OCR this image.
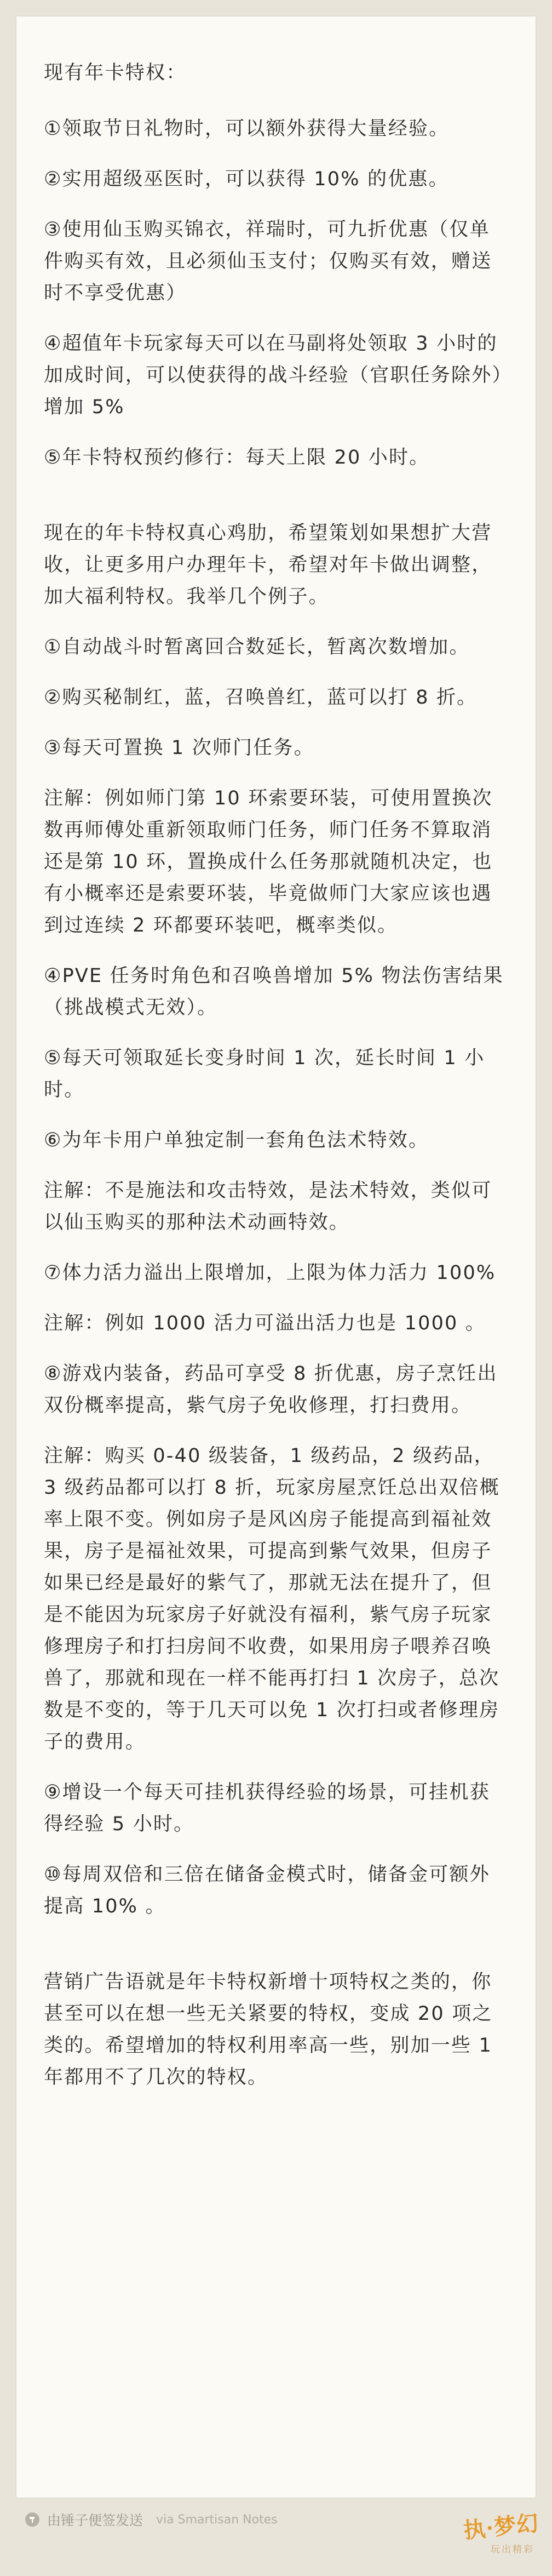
现有年卡特权：

①领取节日礼物时，可以额外获得大量经验。

②实用超级巫医时，可以获得 10% 的优惠。

③使用仙玉购买锦衣，祥瑞时，可九折优惠（仅单件购买有效，且必须仙玉支付；仅购买有效，赠送时不享受优惠）

④超值年卡玩家每天可以在马副将处领取 3 小时的加成时间，可以使获得的战斗经验（官职任务除外）增加 5%

⑤年卡特权预约修行：每天上限 20 小时。

现在的年卡特权真心鸡肋，希望策划如果想扩大营收，让更多用户办理年卡，希望对年卡做出调整，加大福利特权。我举几个例子。

①自动战斗时暂离回合数延长，暂离次数增加。

②购买秘制红，蓝，召唤兽红，蓝可以打 8 折。

③每天可置换 1 次师门任务。

注解：例如师门第 10 环索要环装，可使用置换次数再师傅处重新领取师门任务，师门任务不算取消还是第 10 环，置换成什么任务那就随机决定，也有小概率还是索要环装，毕竟做师门大家应该也遇到过连续 2 环都要环装吧，概率类似。

④PVE 任务时角色和召唤兽增加 5% 物法伤害结果（挑战模式无效）。

⑤每天可领取延长变身时间 1 次，延长时间 1 小时。

⑥为年卡用户单独定制一套角色法术特效。

注解：不是施法和攻击特效，是法术特效，类似可以仙玉购买的那种法术动画特效。

⑦体力活力溢出上限增加，上限为体力活力 100%

注解：例如 1000 活力可溢出活力也是 1000 。

⑧游戏内装备，药品可享受 8 折优惠，房子烹饪出双份概率提高，紫气房子免收修理，打扫费用。

注解：购买 0-40 级装备，1 级药品，2 级药品，3 级药品都可以打 8 折，玩家房屋烹饪总出双倍概率上限不变。例如房子是风凶房子能提高到福祉效果，房子是福祉效果，可提高到紫气效果，但房子如果已经是最好的紫气了，那就无法在提升了，但是不能因为玩家房子好就没有福利，紫气房子玩家修理房子和打扫房间不收费，如果用房子喂养召唤兽了，那就和现在一样不能再打扫 1 次房子，总次数是不变的，等于几天可以免 1 次打扫或者修理房子的费用。

⑨增设一个每天可挂机获得经验的场景，可挂机获得经验 5 小时。

⑩每周双倍和三倍在储备金模式时，储备金可额外提高 10% 。

营销广告语就是年卡特权新增十项特权之类的，你甚至可以在想一些无关紧要的特权，变成 20 项之类的。希望增加的特权利用率高一些，别加一些 1 年都用不了几次的特权。

由锤子便签发送 via Smartisan Notes	执·梦幻
玩出精彩
